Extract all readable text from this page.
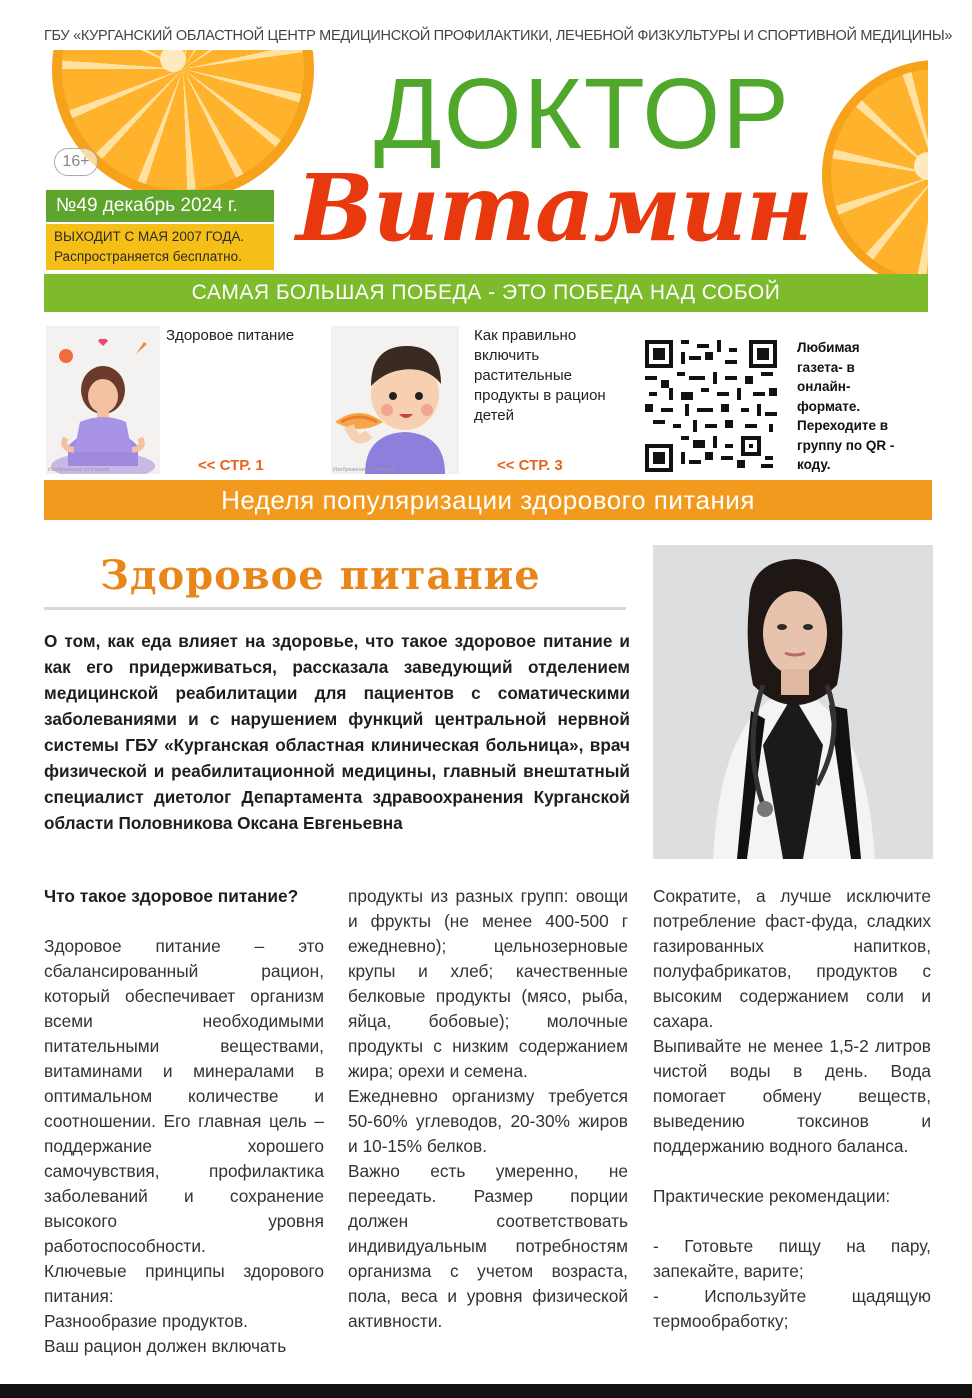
ГБУ «КУРГАНСКИЙ ОБЛАСТНОЙ ЦЕНТР МЕДИЦИНСКОЙ ПРОФИЛАКТИКИ, ЛЕЧЕБНОЙ ФИЗКУЛЬТУРЫ И СПОРТИВНОЙ МЕДИЦИНЫ»
ДОКТОР
Витамин
16+
№49 декабрь 2024 г.
ВЫХОДИТ С МАЯ 2007 ГОДА.
Распространяется бесплатно.
САМАЯ БОЛЬШАЯ ПОБЕДА - ЭТО ПОБЕДА НАД СОБОЙ
Изображение от Freepik
Здоровое питание
<< СТР. 1	Изображение от Freepik
Как правильно включить растительные продукты в рацион детей
<< СТР. 3
Любимая газета- в онлайн- формате. Переходите в группу по QR - коду.
Неделя популяризации здорового питания
Здоровое питание
О том, как еда влияет на здоровье, что такое здоровое питание и как его придерживаться, рассказала заведующий отделением медицинской реабилитации для пациентов с соматическими заболеваниями и с нарушением функций центральной нервной системы ГБУ «Курганская областная клиническая больница», врач физической и реабилитационной медицины, главный внештатный специалист диетолог Департамента здравоохранения Курганской области Половникова Оксана Евгеньевна

Что такое здоровое питание?

Здоровое питание – это сбалансированный рацион, который обеспечивает организм всеми необходимыми питательными веществами, витаминами и минералами в оптимальном количестве и соотношении. Его главная цель – поддержание хорошего самочувствия, профилактика заболеваний и сохранение высокого уровня работоспособности.

Ключевые принципы здорового питания:

Разнообразие продуктов.

Ваш рацион должен включать

продукты из разных групп: овощи и фрукты (не менее 400-500 г ежедневно); цельнозерновые крупы и хлеб; качественные белковые продукты (мясо, рыба, яйца, бобовые); молочные продукты с низким содержанием жира; орехи и семена.

Ежедневно организму требуется 50-60% углеводов, 20-30% жиров и 10-15% белков.

Важно есть умеренно, не переедать. Размер порции должен соответствовать индивидуальным потребностям организма с учетом возраста, пола, веса и уровня физической активности.

Сократите, а лучше исключите потребление фаст-фуда, сладких газированных напитков, полуфабрикатов, продуктов с высоким содержанием соли и сахара.

Выпивайте не менее 1,5-2 литров чистой воды в день. Вода помогает обмену веществ, выведению токсинов и поддержанию водного баланса.

Практические рекомендации:

- Готовьте пищу на пару, запекайте, варите;

- Используйте щадящую термообработку;
